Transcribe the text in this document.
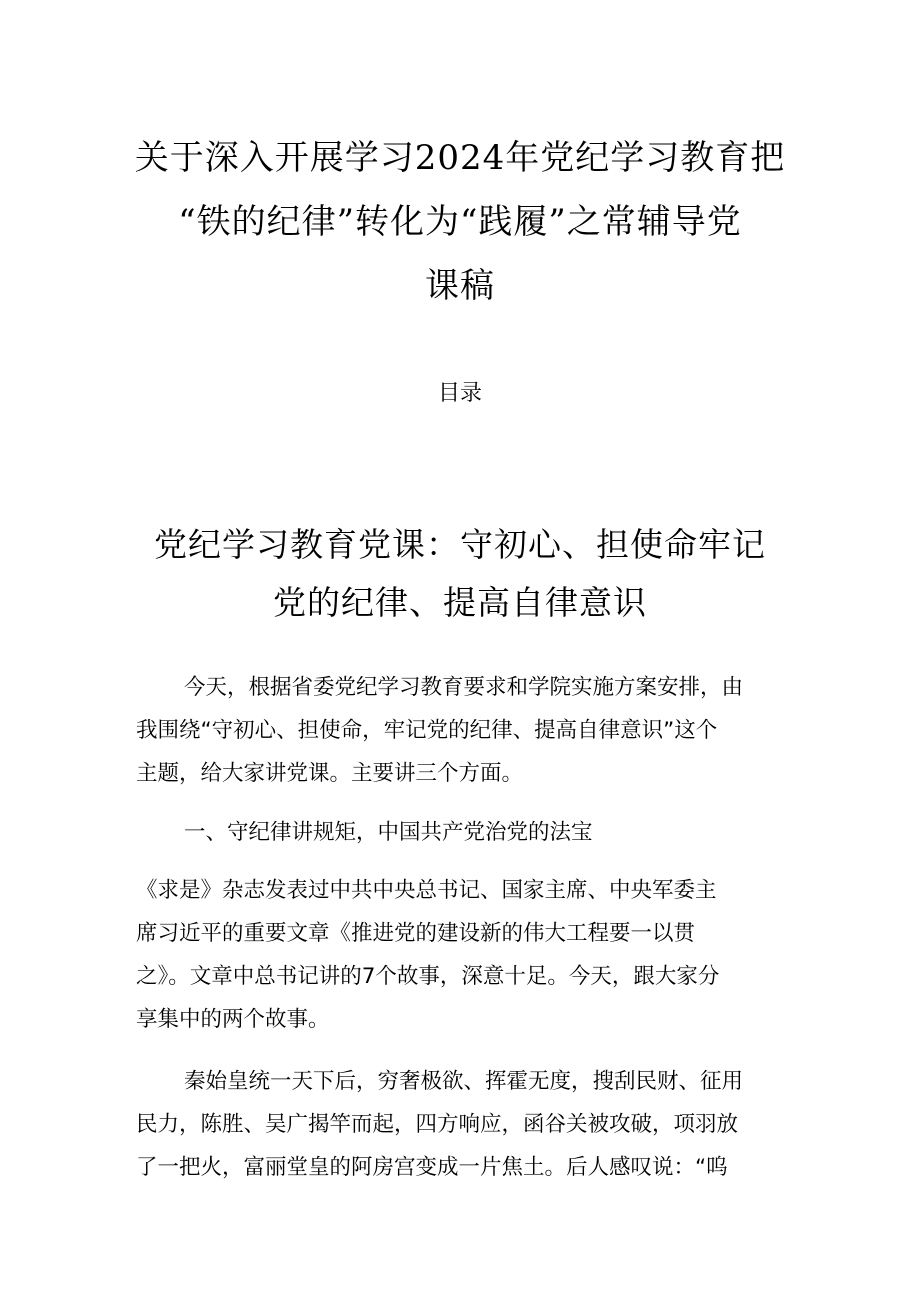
关于深入开展学习2024年党纪学习教育把
“铁的纪律”转化为“践履”之常辅导党
课稿
目录
党纪学习教育党课：守初心、担使命牢记
党的纪律、提高自律意识
今天，根据省委党纪学习教育要求和学院实施方案安排，由
我围绕“守初心、担使命，牢记党的纪律、提高自律意识”这个
主题，给大家讲党课。主要讲三个方面。
一、守纪律讲规矩，中国共产党治党的法宝
《求是》杂志发表过中共中央总书记、国家主席、中央军委主
席习近平的重要文章《推进党的建设新的伟大工程要一以贯
之》。文章中总书记讲的7个故事，深意十足。今天，跟大家分
享集中的两个故事。
秦始皇统一天下后，穷奢极欲、挥霍无度，搜刮民财、征用
民力，陈胜、吴广揭竿而起，四方响应，函谷关被攻破，项羽放
了一把火，富丽堂皇的阿房宫变成一片焦土。后人感叹说：“呜
